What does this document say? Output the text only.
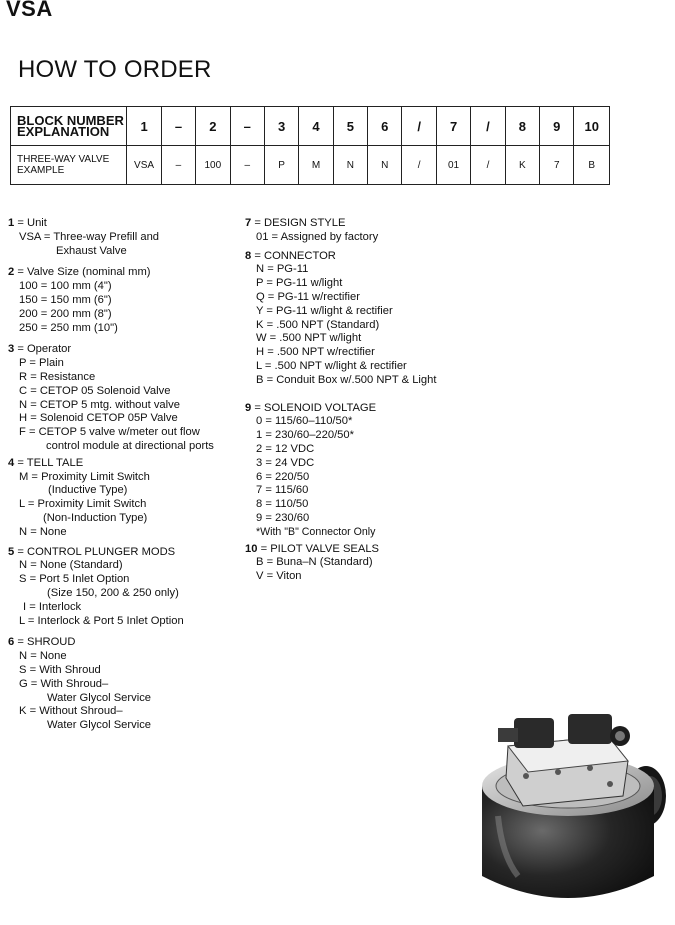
VSA
HOW TO ORDER
BLOCK NUMBER EXPLANATION	1	–	2	–	3	4	5	6	/	7	/	8	9	10
THREE-WAY VALVE EXAMPLE	VSA	–	100	–	P	M	N	N	/	01	/	K	7	B
1 = Unit
VSA = Three-way Prefill and
Exhaust Valve
2 = Valve Size (nominal mm)
100 = 100 mm (4")
150 = 150 mm (6")
200 = 200 mm (8")
250 = 250 mm (10")
3 = Operator
P = Plain
R = Resistance
C = CETOP 05 Solenoid Valve
N = CETOP 5 mtg. without valve
H = Solenoid CETOP 05P Valve
F = CETOP 5 valve w/meter out flow
control module at directional ports
4 = TELL TALE
M = Proximity Limit Switch
(Inductive Type)
L = Proximity Limit Switch
(Non-Induction Type)
N = None
5 = CONTROL PLUNGER MODS
N = None (Standard)
S = Port 5 Inlet Option
(Size 150, 200 & 250 only)
I = Interlock
L = Interlock & Port 5 Inlet Option
6 = SHROUD
N = None
S = With Shroud
G = With Shroud–
Water Glycol Service
K = Without Shroud–
Water Glycol Service
7 = DESIGN STYLE
01 = Assigned by factory
8 = CONNECTOR
N = PG-11
P = PG-11 w/light
Q = PG-11 w/rectifier
Y = PG-11 w/light & rectifier
K = .500 NPT (Standard)
W = .500 NPT w/light
H = .500 NPT w/rectifier
L = .500 NPT w/light & rectifier
B = Conduit Box w/.500 NPT & Light
9 = SOLENOID VOLTAGE
0 = 115/60–110/50*
1 = 230/60–220/50*
2 = 12 VDC
3 = 24 VDC
6 = 220/50
7 = 115/60
8 = 110/50
9 = 230/60
*With "B" Connector Only
10 = PILOT VALVE SEALS
B = Buna–N (Standard)
V = Viton
